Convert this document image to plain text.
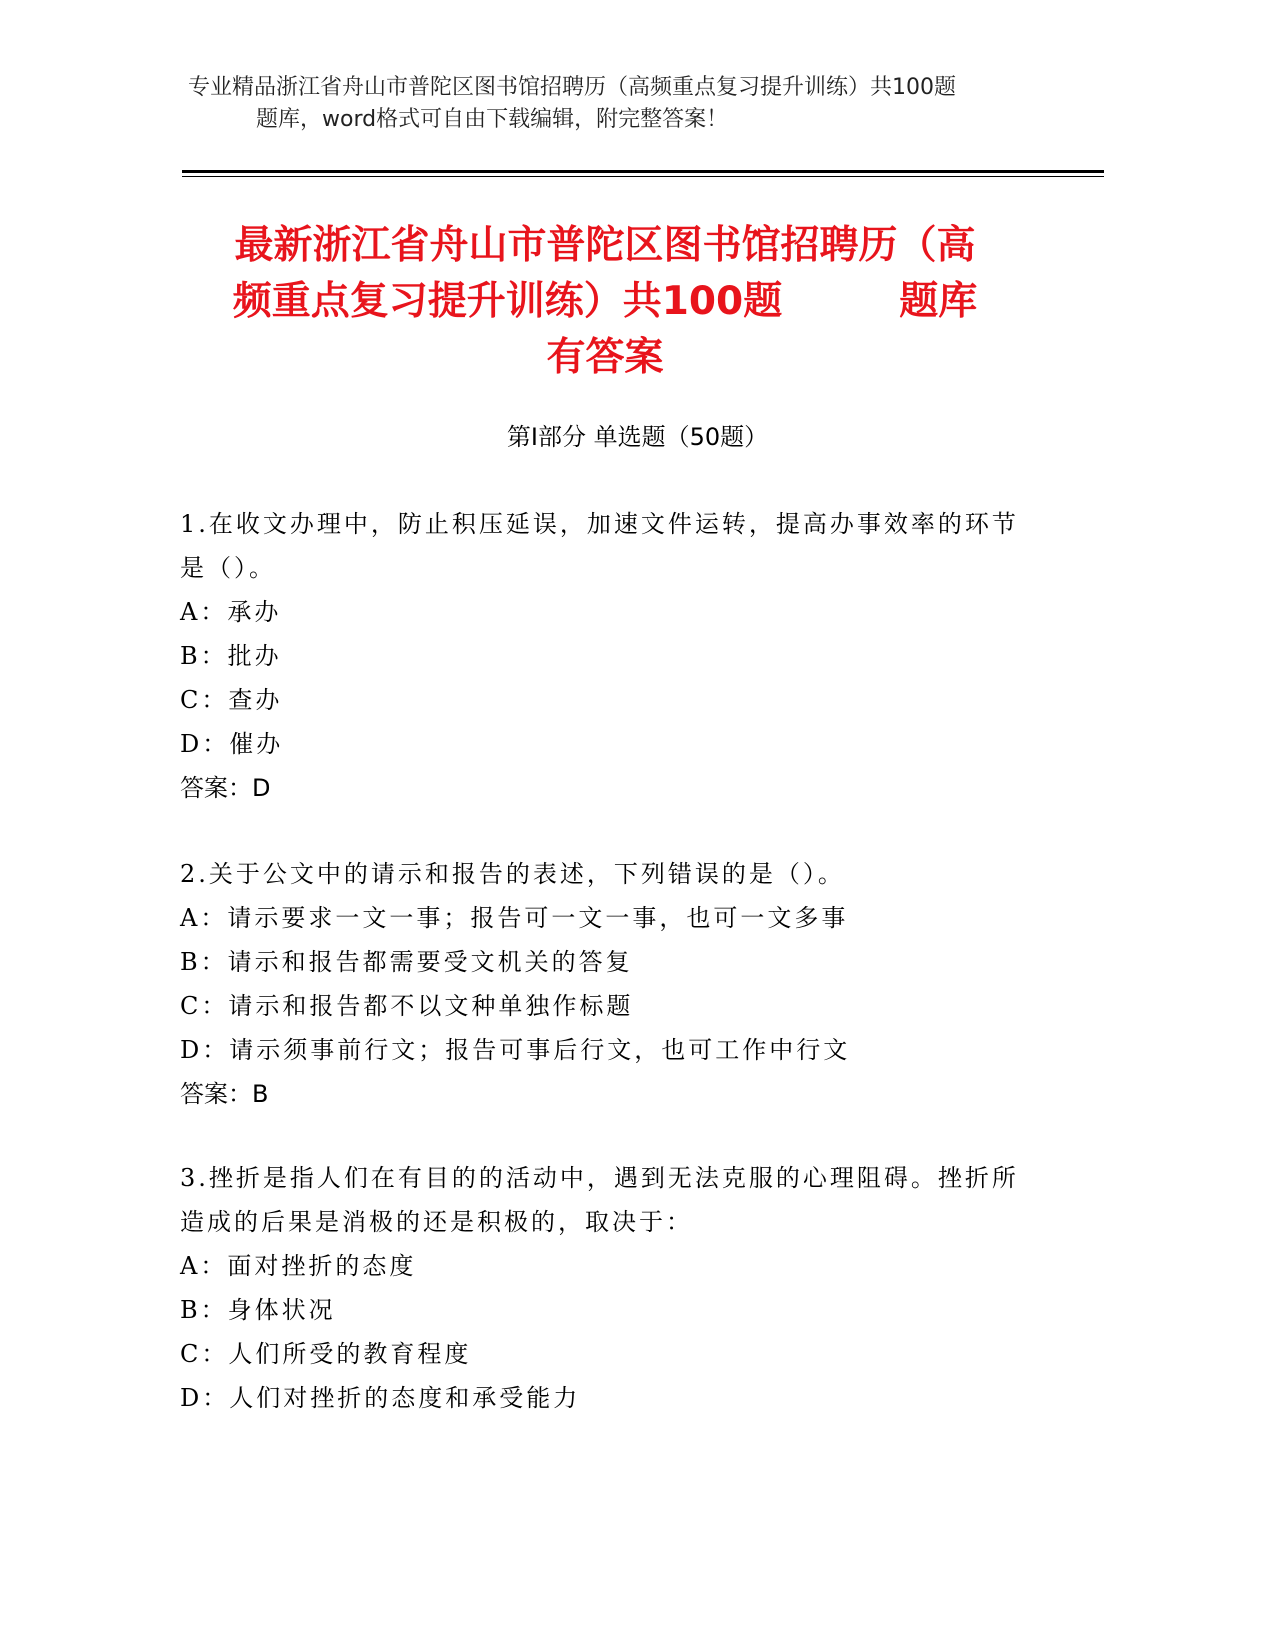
专业精品浙江省舟山市普陀区图书馆招聘历（高频重点复习提升训练）共100题
题库，word格式可自由下载编辑，附完整答案！
最新浙江省舟山市普陀区图书馆招聘历（高
频重点复习提升训练）共100题　　　题库
有答案
第Ⅰ部分 单选题（50题）
1.在收文办理中，防止积压延误，加速文件运转，提高办事效率的环节是（）。
A：承办
B：批办
C：查办
D：催办
答案：D
2.关于公文中的请示和报告的表述，下列错误的是（）。
A：请示要求一文一事；报告可一文一事，也可一文多事
B：请示和报告都需要受文机关的答复
C：请示和报告都不以文种单独作标题
D：请示须事前行文；报告可事后行文，也可工作中行文
答案：B
3.挫折是指人们在有目的的活动中，遇到无法克服的心理阻碍。挫折所造成的后果是消极的还是积极的，取决于：
A：面对挫折的态度
B：身体状况
C：人们所受的教育程度
D：人们对挫折的态度和承受能力
